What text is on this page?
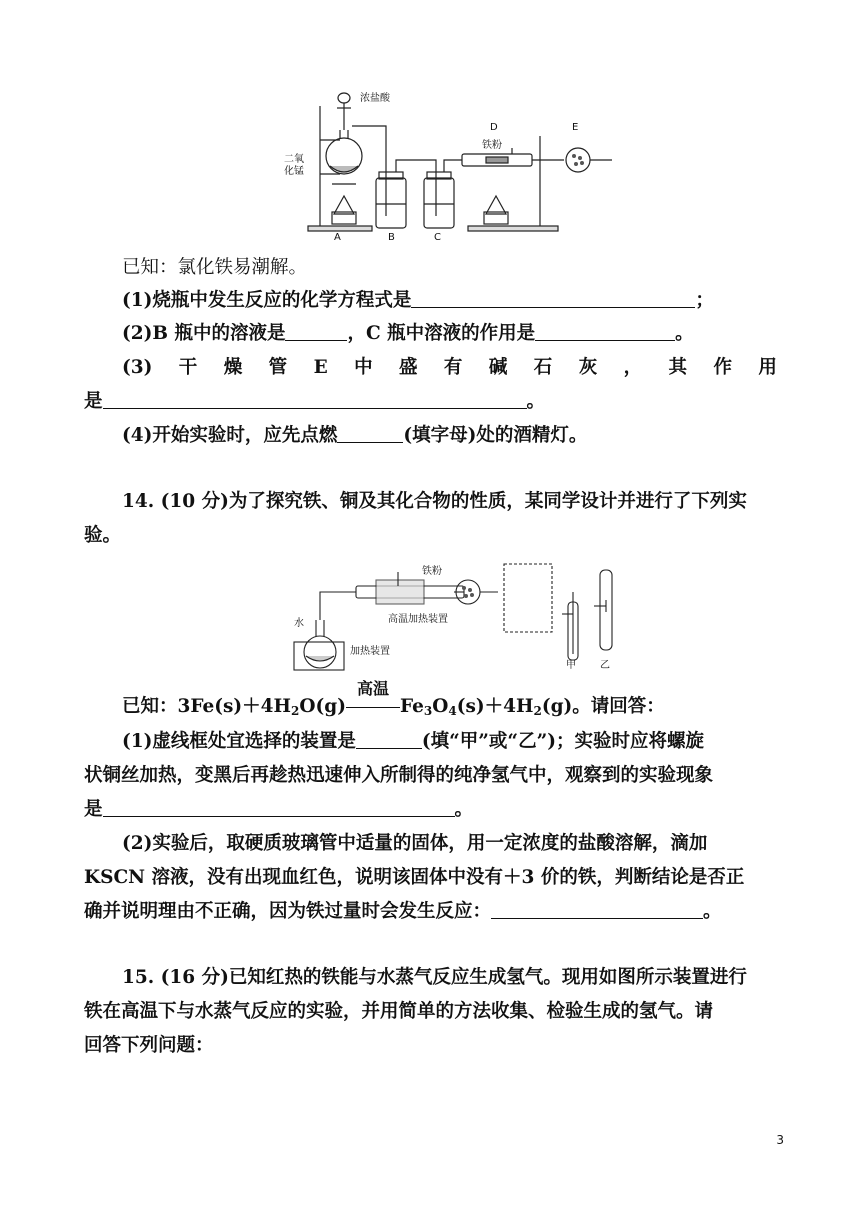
浓盐酸
二氧
化锰
A	B	C
D	E
铁粉
已知：氯化铁易潮解。
(1)烧瓶中发生反应的化学方程式是	；
(2)B 瓶中的溶液是	，C 瓶中溶液的作用是	。
(3) 干 燥 管 E 中 盛 有 碱 石 灰 ， 其 作 用
是	。
(4)开始实验时，应先点燃	(填字母)处的酒精灯。
14. (10 分)为了探究铁、铜及其化合物的性质，某同学设计并进行了下列实
验。
铁粉
高温加热装置
水
加热装置
甲 乙
已知：$3Fe(s)+4H_2O(g)$
高温
$Fe_3O_4(s)+4H_2(g)$。请回答：
(1)虚线框处宜选择的装置是	(填“甲”或“乙”)；实验时应将螺旋
状铜丝加热，变黑后再趁热迅速伸入所制得的纯净氢气中，观察到的实验现象
是	。
(2)实验后，取硬质玻璃管中适量的固体，用一定浓度的盐酸溶解，滴加
KSCN 溶液，没有出现血红色，说明该固体中没有＋3 价的铁，判断结论是否正
确并说明理由不正确，因为铁过量时会发生反应：	。
15. (16 分)已知红热的铁能与水蒸气反应生成氢气。现用如图所示装置进行
铁在高温下与水蒸气反应的实验，并用简单的方法收集、检验生成的氢气。请
回答下列问题：
3
